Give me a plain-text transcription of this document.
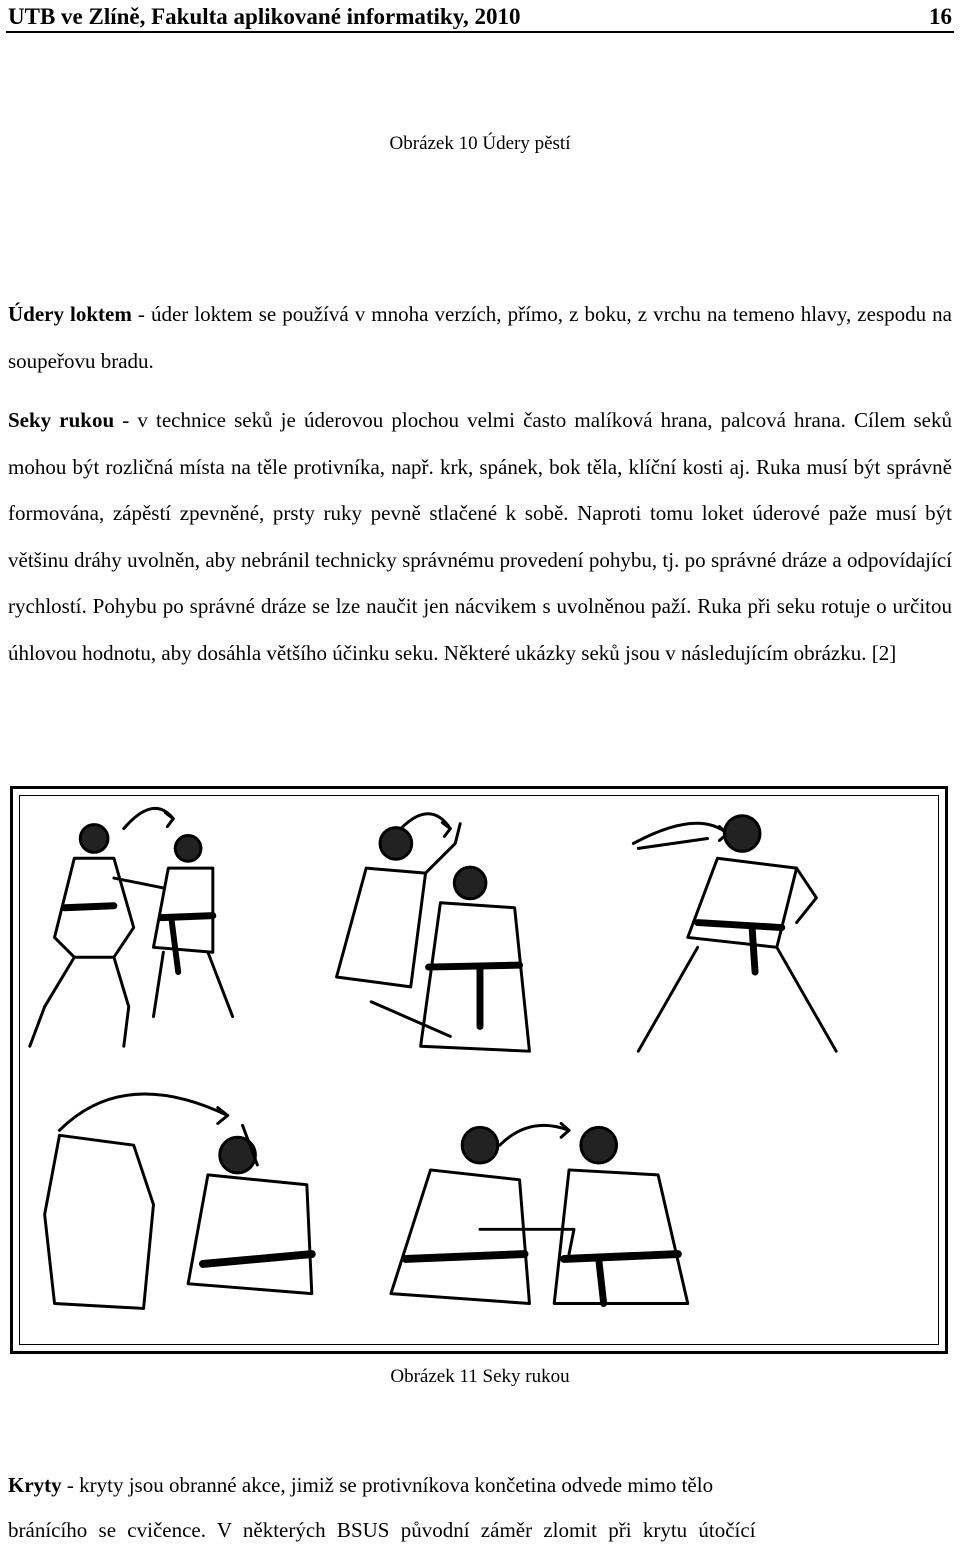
UTB ve Zlíně, Fakulta aplikované informatiky, 2010	16
Obrázek 10 Údery pěstí

Údery loktem - úder loktem se používá v mnoha verzích, přímo, z boku, z vrchu na temeno hlavy, zespodu na soupeřovu bradu.

Seky rukou - v technice seků je úderovou plochou velmi často malíková hrana, palcová hrana. Cílem seků mohou být rozličná místa na těle protivníka, např. krk, spánek, bok těla, klíční kosti aj. Ruka musí být správně formována, zápěstí zpevněné, prsty ruky pevně stlačené k sobě. Naproti tomu loket úderové paže musí být většinu dráhy uvolněn, aby nebránil technicky správnému provedení pohybu, tj. po správné dráze a odpovídající rychlostí. Pohybu po správné dráze se lze naučit jen nácvikem s uvolněnou paží. Ruka při seku rotuje o určitou úhlovou hodnotu, aby dosáhla většího účinku seku. Některé ukázky seků jsou v následujícím obrázku. [2]

Obrázek 11 Seky rukou

Kryty - kryty jsou obranné akce, jimiž se protivníkova končetina odvede mimo tělo

bránícího se cvičence. V některých BSUS původní záměr zlomit při krytu útočící
